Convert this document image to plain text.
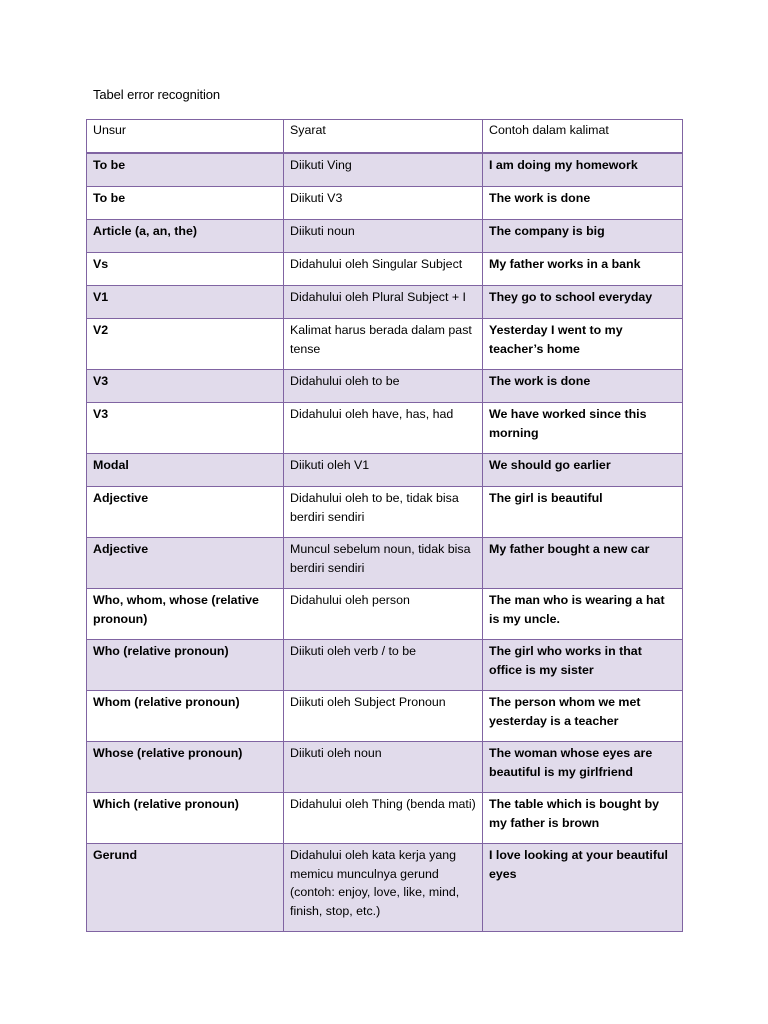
Tabel error recognition
Unsur	Syarat	Contoh dalam kalimat
To be	Diikuti Ving	I am doing my homework
To be	Diikuti V3	The work is done
Article (a, an, the)	Diikuti noun	The company is big
Vs	Didahului oleh Singular Subject	My father works in a bank
V1	Didahului oleh Plural Subject + I	They go to school everyday
V2	Kalimat harus berada dalam past tense	Yesterday I went to my teacher’s home
V3	Didahului oleh to be	The work is done
V3	Didahului oleh have, has, had	We have worked since this morning
Modal	Diikuti oleh V1	We should go earlier
Adjective	Didahului oleh to be, tidak bisa berdiri sendiri	The girl is beautiful
Adjective	Muncul sebelum noun, tidak bisa berdiri sendiri	My father bought a new car
Who, whom, whose (relative pronoun)	Didahului oleh person	The man who is wearing a hat is my uncle.
Who (relative pronoun)	Diikuti oleh verb / to be	The girl who works in that office is my sister
Whom (relative pronoun)	Diikuti oleh Subject Pronoun	The person whom we met yesterday is a teacher
Whose (relative pronoun)	Diikuti oleh noun	The woman whose eyes are beautiful is my girlfriend
Which (relative pronoun)	Didahului oleh Thing (benda mati)	The table which is bought by my father is brown
Gerund	Didahului oleh kata kerja yang memicu munculnya gerund (contoh: enjoy, love, like, mind, finish, stop, etc.)	I love looking at your beautiful eyes
